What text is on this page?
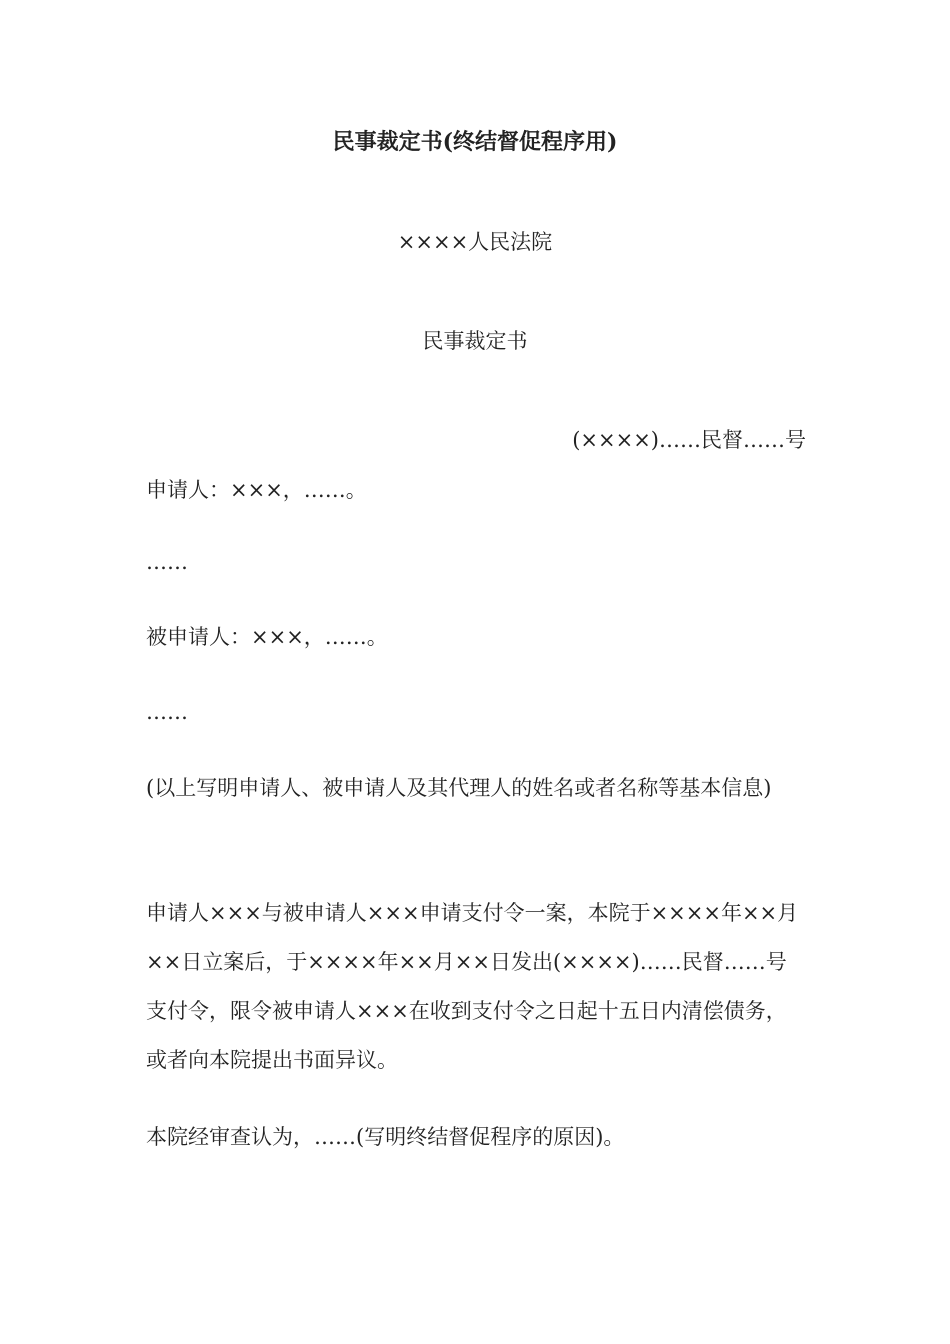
民事裁定书(终结督促程序用)
××××人民法院
民事裁定书
(××××)……民督……号

申请人：×××，……。

……

被申请人：×××，……。

……

(以上写明申请人、被申请人及其代理人的姓名或者名称等基本信息)

申请人×××与被申请人×××申请支付令一案，本院于××××年××月××日立案后，于××××年××月××日发出(××××)……民督……号支付令，限令被申请人×××在收到支付令之日起十五日内清偿债务，或者向本院提出书面异议。

本院经审查认为，……(写明终结督促程序的原因)。
